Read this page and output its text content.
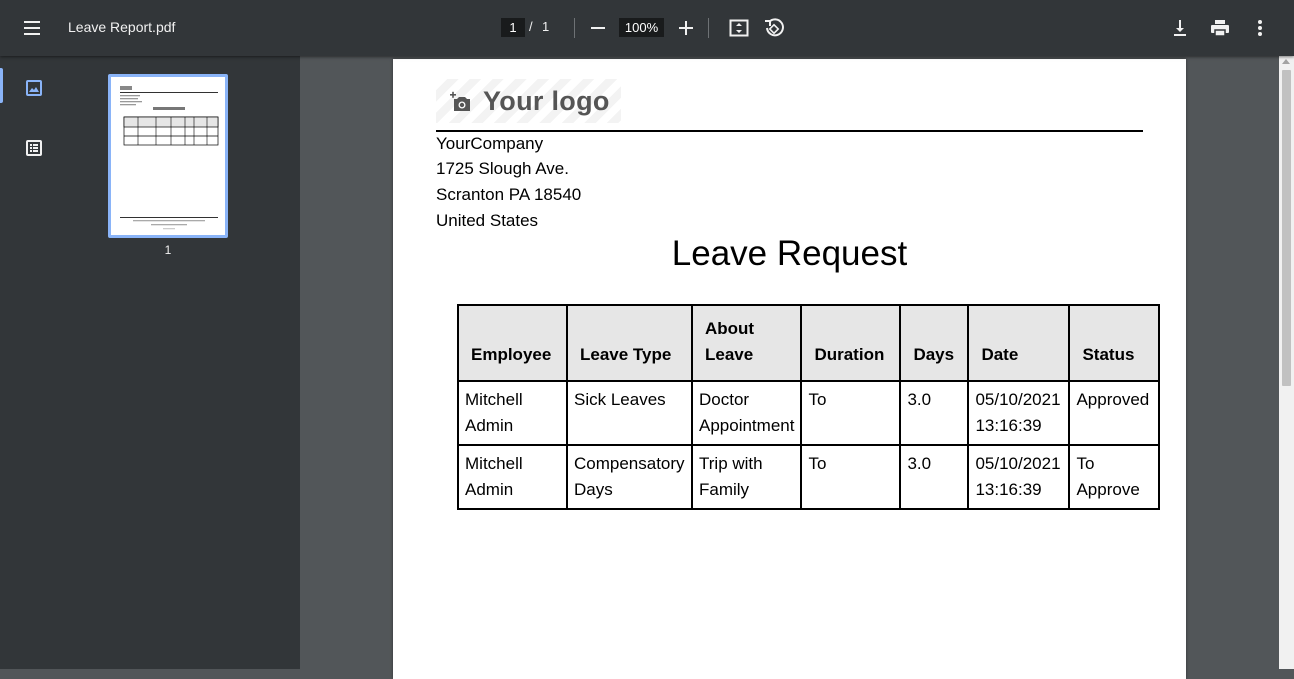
Leave Report.pdf	1 / 1	100%
1
Your logo
YourCompany
1725 Slough Ave.
Scranton PA 18540
United States
Leave Request
Employee	Leave Type	About Leave	Duration	Days	Date	Status
Mitchell Admin	Sick Leaves	Doctor Appointment	To	3.0	05/10/2021 13:16:39	Approved
Mitchell Admin	Compensatory Days	Trip with Family	To	3.0	05/10/2021 13:16:39	To Approve
